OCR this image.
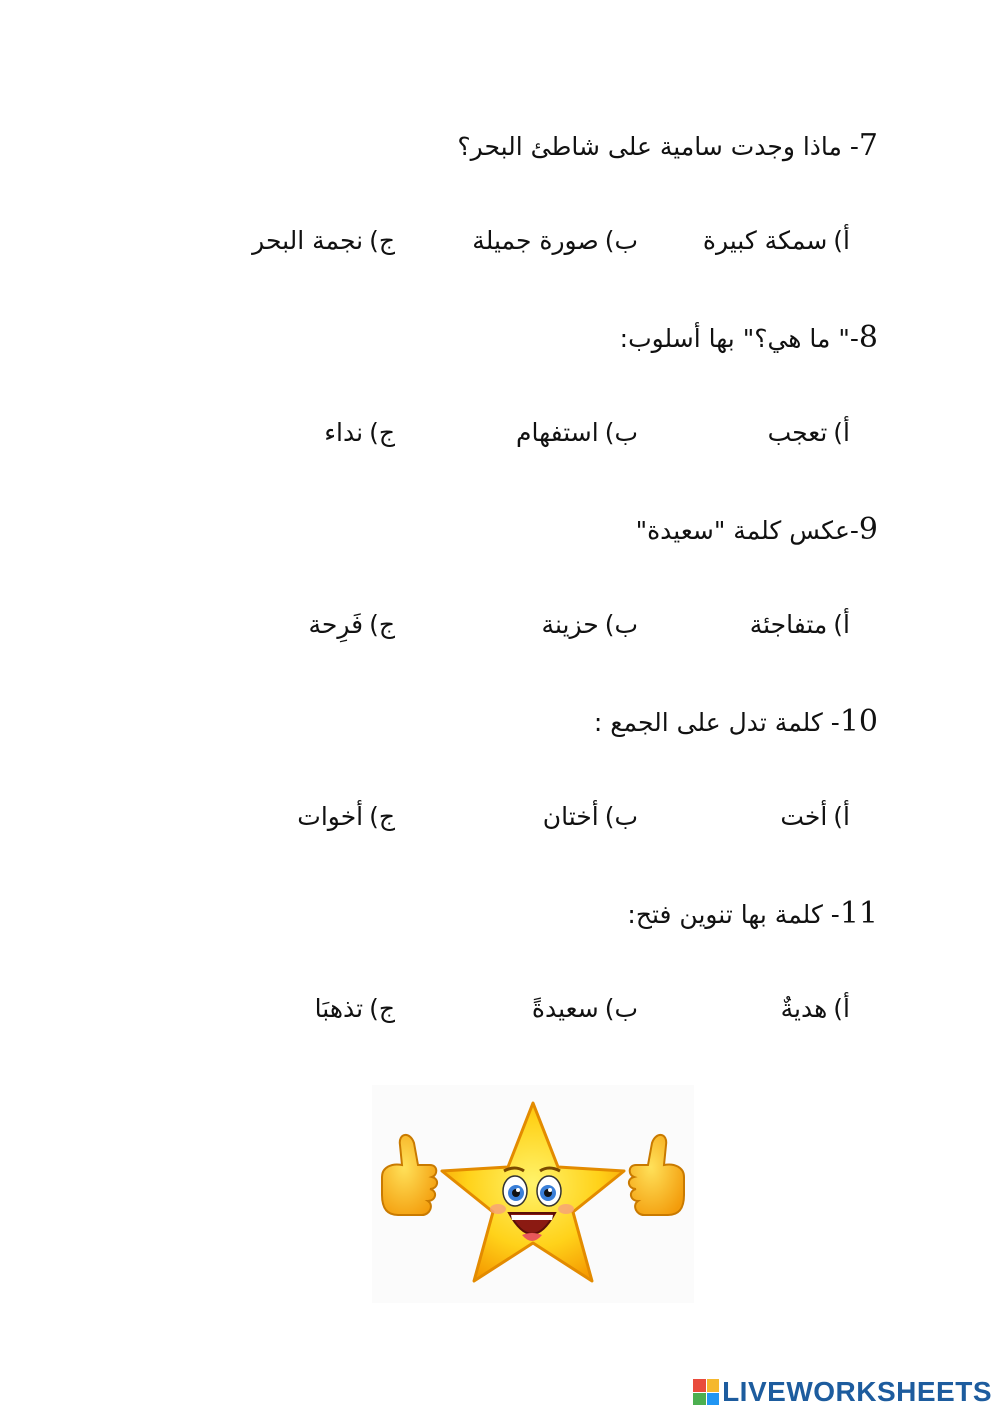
7- ماذا وجدت سامية على شاطئ البحر؟
أ)سمكة كبيرة
ب)صورة جميلة
ج)نجمة البحر
8-" ما هي؟" بها أسلوب:
أ)تعجب
ب)استفهام
ج)نداء
9-عكس كلمة "سعيدة"
أ)متفاجئة
ب)حزينة
ج)فَرِحة
10- كلمة تدل على الجمع :
أ)أخت
ب)أختان
ج)أخوات
11- كلمة بها تنوين فتح:
أ)هديةٌ
ب)سعيدةً
ج)تذهبَا
LIVEWORKSHEETS
